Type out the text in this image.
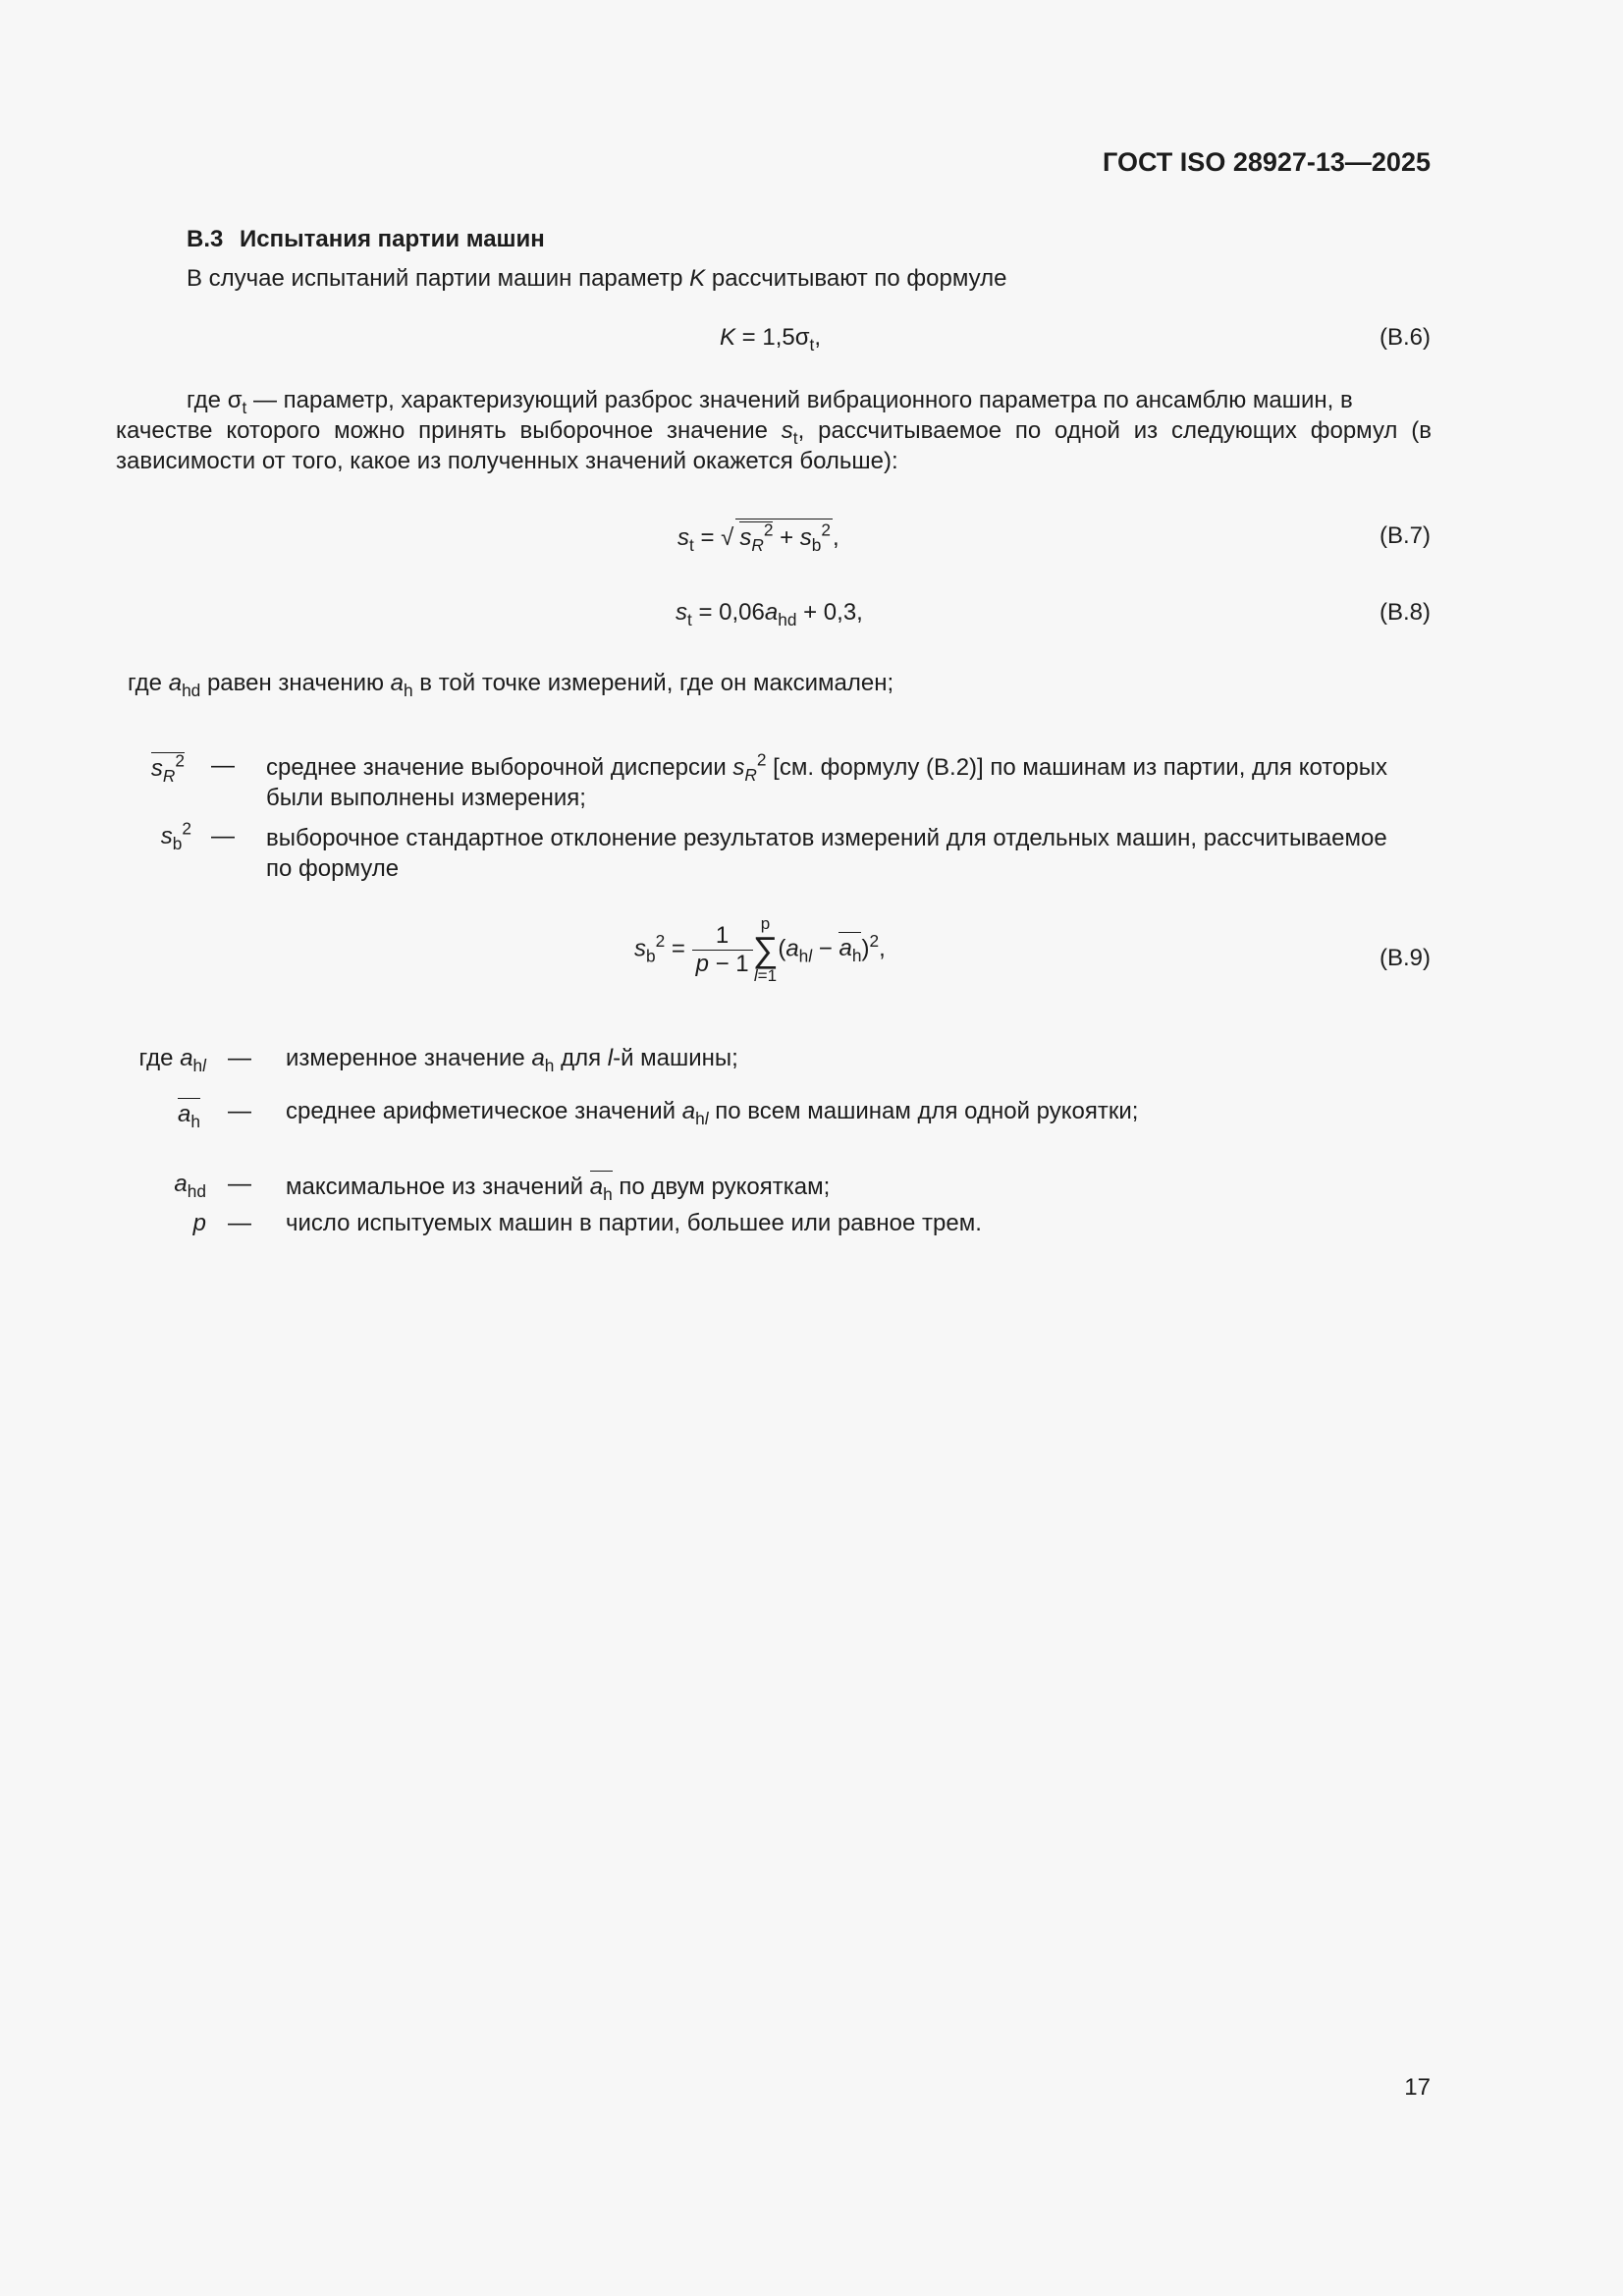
ГОСТ ISO 28927-13—2025
В.3 Испытания партии машин
В случае испытаний партии машин параметр K рассчитывают по формуле
$K = 1,5\sigma_t$,	(В.6)
где $\sigma_t$ — параметр, характеризующий разброс значений вибрационного параметра по ансамблю машин, в
качестве которого можно принять выборочное значение $s_t$, рассчитываемое по одной из следующих формул (в зависимости от того, какое из полученных значений окажется больше):
$s_t$ = √ $s_R^2 + s_b^2$,	(В.7)
$s_t = 0,06a_{hd} + 0,3$,	(В.8)
где $a_{hd}$ равен значению $a_h$ в той точке измерений, где он максимален;
$s_R^2$ — среднее значение выборочной дисперсии $s_R^2$ [см. формулу (В.2)] по машинам из партии, для которых
были выполнены измерения;
$s_b^2$ — выборочное стандартное отклонение результатов измерений для отдельных машин, рассчитываемое
по формуле
$s_b^2 = \frac{1}{p - 1}$ p
∑
l=1
$(a_{hl} - a_h)^2$,	(В.9)
где $a_{hl}$ — измеренное значение $a_h$ для l-й машины;
$a_h$ — среднее арифметическое значений $a_{hl}$ по всем машинам для одной рукоятки;
$a_{hd}$ — максимальное из значений $a_h$ по двум рукояткам;
p — число испытуемых машин в партии, большее или равное трем.
17
